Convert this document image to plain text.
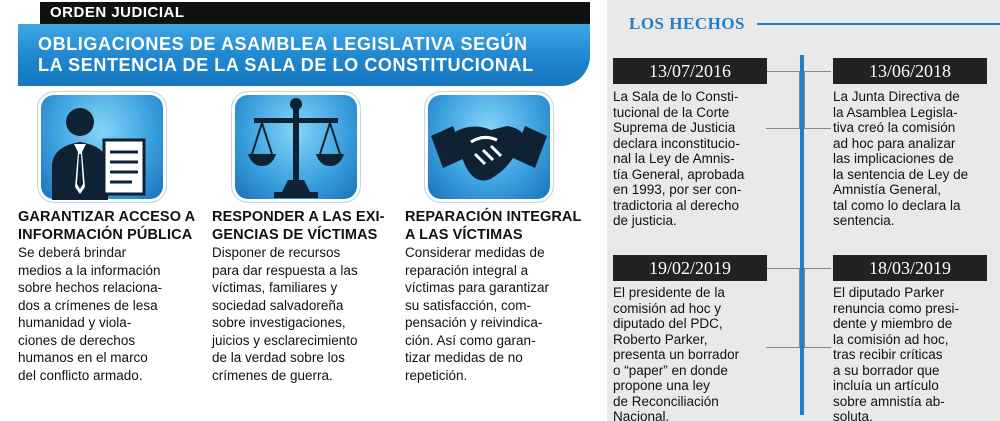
ORDEN JUDICIAL
OBLIGACIONES DE ASAMBLEA LEGISLATIVA SEGÚN
LA SENTENCIA DE LA SALA DE LO CONSTITUCIONAL
GARANTIZAR ACCESO A
INFORMACIÓN PÚBLICA
Se deberá brindar
medios a la información
sobre hechos relaciona-
dos a crímenes de lesa
humanidad y viola-
ciones de derechos
humanos en el marco
del conflicto armado.
RESPONDER A LAS EXI-
GENCIAS DE VÍCTIMAS
Disponer de recursos
para dar respuesta a las
víctimas, familiares y
sociedad salvadoreña
sobre investigaciones,
juicios y esclarecimiento
de la verdad sobre los
crímenes de guerra.
REPARACIÓN INTEGRAL
A LAS VÍCTIMAS
Considerar medidas de
reparación integral a
víctimas para garantizar
su satisfacción, com-
pensación y reivindica-
ción. Así como garan-
tizar medidas de no
repetición.
LOS HECHOS
13/07/2016
La Sala de lo Consti-
tucional de la Corte
Suprema de Justicia
declara inconstitucio-
nal la Ley de Amnis-
tía General, aprobada
en 1993, por ser con-
tradictoria al derecho
de justicia.
13/06/2018
La Junta Directiva de
la Asamblea Legisla-
tiva creó la comisión
ad hoc para analizar
las implicaciones de
la sentencia de Ley de
Amnistía General,
tal como lo declara la
sentencia.
19/02/2019
El presidente de la
comisión ad hoc y
diputado del PDC,
Roberto Parker,
presenta un borrador
o “paper” en donde
propone una ley
de Reconciliación
Nacional.
18/03/2019
El diputado Parker
renuncia como presi-
dente y miembro de
la comisión ad hoc,
tras recibir críticas
a su borrador que
incluía un artículo
sobre amnistía ab-
soluta.
